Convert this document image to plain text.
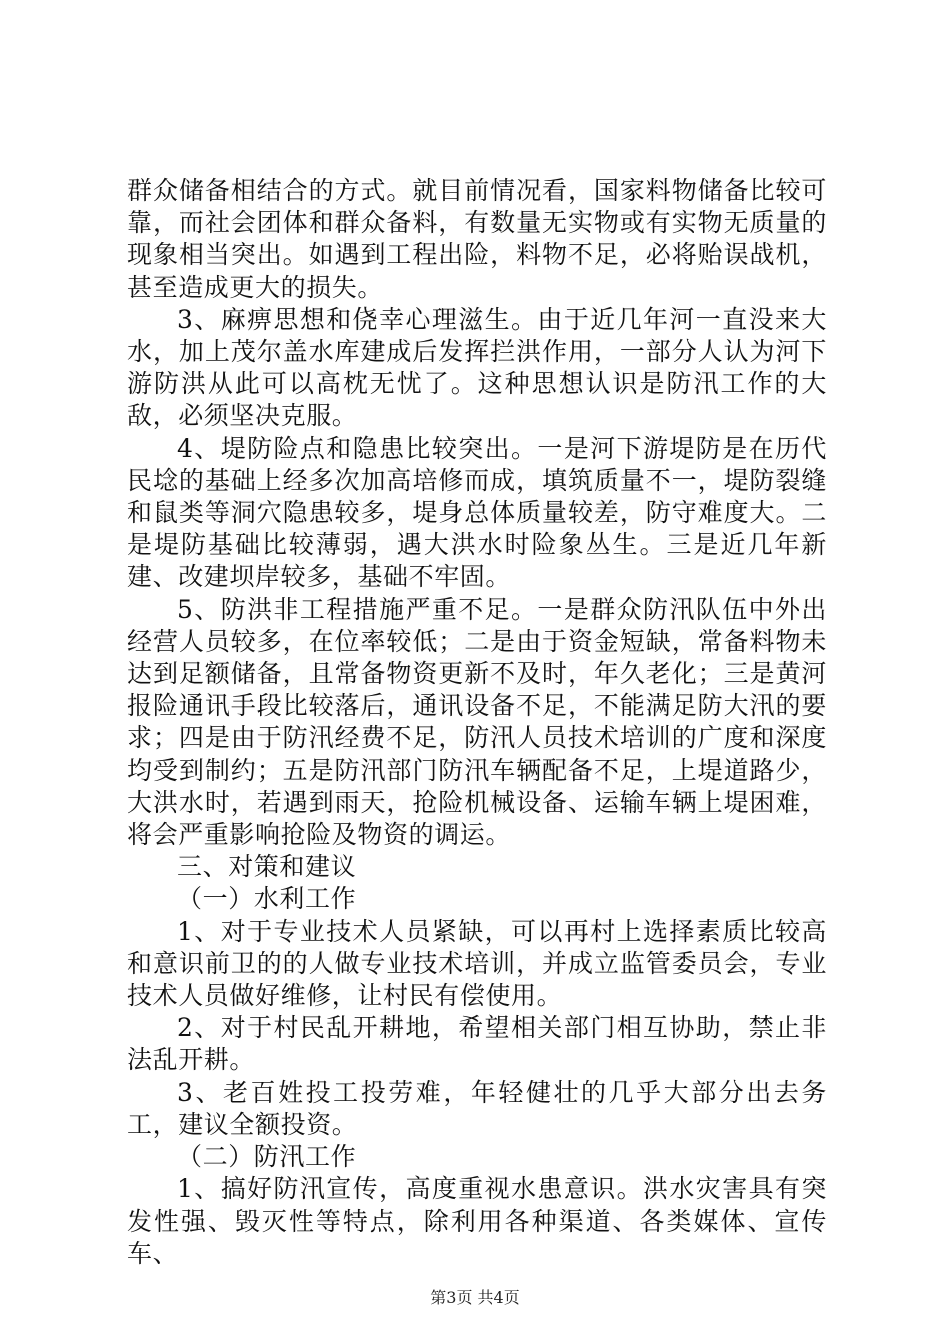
群众储备相结合的方式。就目前情况看，国家料物储备比较可靠，而社会团体和群众备料，有数量无实物或有实物无质量的现象相当突出。如遇到工程出险，料物不足，必将贻误战机，甚至造成更大的损失。

3、麻痹思想和侥幸心理滋生。由于近几年河一直没来大水，加上茂尔盖水库建成后发挥拦洪作用，一部分人认为河下游防洪从此可以高枕无忧了。这种思想认识是防汛工作的大敌，必须坚决克服。

4、堤防险点和隐患比较突出。一是河下游堤防是在历代民埝的基础上经多次加高培修而成，填筑质量不一，堤防裂缝和鼠类等洞穴隐患较多，堤身总体质量较差，防守难度大。二是堤防基础比较薄弱，遇大洪水时险象丛生。三是近几年新建、改建坝岸较多，基础不牢固。

5、防洪非工程措施严重不足。一是群众防汛队伍中外出经营人员较多，在位率较低；二是由于资金短缺，常备料物未达到足额储备，且常备物资更新不及时，年久老化；三是黄河报险通讯手段比较落后，通讯设备不足，不能满足防大汛的要求；四是由于防汛经费不足，防汛人员技术培训的广度和深度均受到制约；五是防汛部门防汛车辆配备不足，上堤道路少，大洪水时，若遇到雨天，抢险机械设备、运输车辆上堤困难，将会严重影响抢险及物资的调运。

三、对策和建议

（一）水利工作

1、对于专业技术人员紧缺，可以再村上选择素质比较高和意识前卫的的人做专业技术培训，并成立监管委员会，专业技术人员做好维修，让村民有偿使用。

2、对于村民乱开耕地，希望相关部门相互协助，禁止非法乱开耕。

3、老百姓投工投劳难，年轻健壮的几乎大部分出去务工，建议全额投资。

（二）防汛工作

1、搞好防汛宣传，高度重视水患意识。洪水灾害具有突发性强、毁灭性等特点，除利用各种渠道、各类媒体、宣传车、

第3页 共4页
